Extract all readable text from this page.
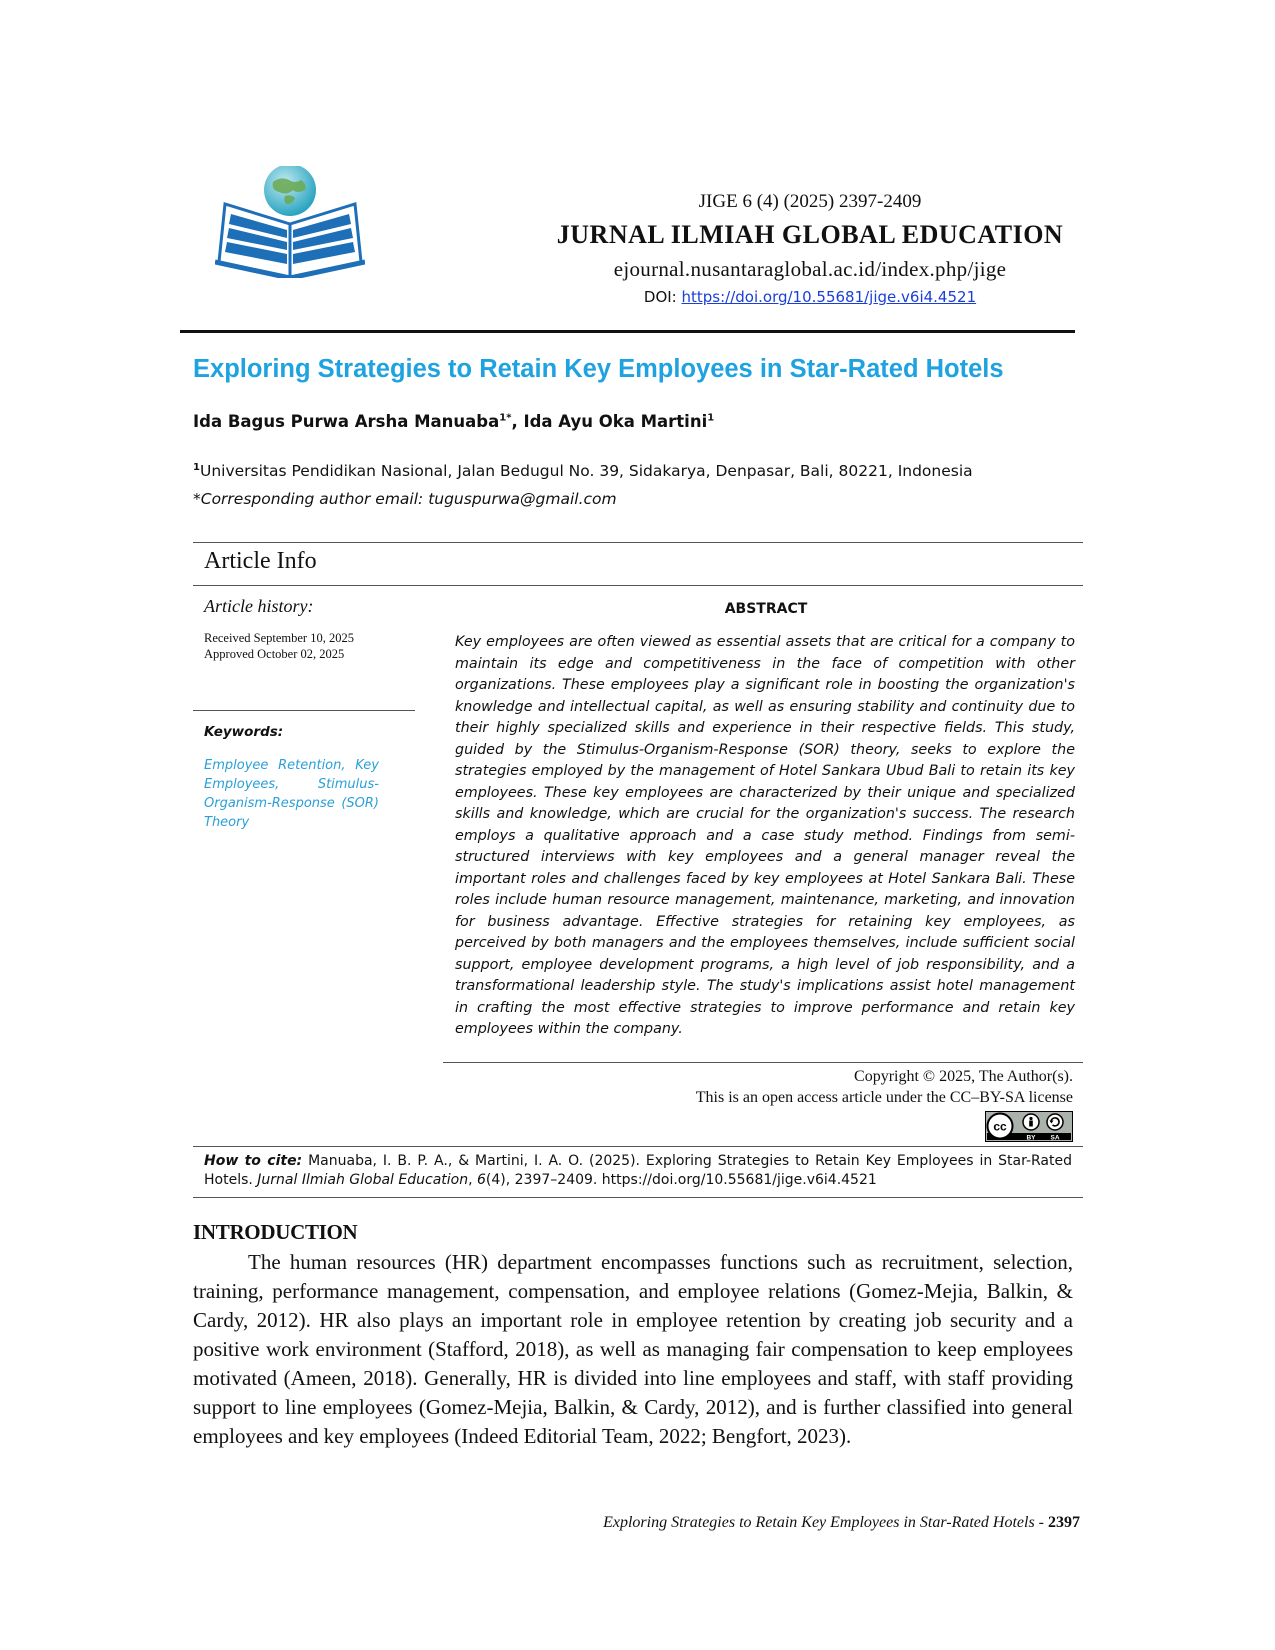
JIGE 6 (4) (2025) 2397-2409
JURNAL ILMIAH GLOBAL EDUCATION
ejournal.nusantaraglobal.ac.id/index.php/jige
DOI: https://doi.org/10.55681/jige.v6i4.4521
Exploring Strategies to Retain Key Employees in Star-Rated Hotels
Ida Bagus Purwa Arsha Manuaba$^{1*}$, Ida Ayu Oka Martini$^1$
$^1$Universitas Pendidikan Nasional, Jalan Bedugul No. 39, Sidakarya, Denpasar, Bali, 80221, Indonesia
*Corresponding author email: tuguspurwa@gmail.com
Article Info
Article history:
Received September 10, 2025
Approved October 02, 2025
Keywords:
Employee Retention, Key Employees, Stimulus-Organism-Response (SOR) Theory
ABSTRACT
Key employees are often viewed as essential assets that are critical for a company to maintain its edge and competitiveness in the face of competition with other organizations. These employees play a significant role in boosting the organization's knowledge and intellectual capital, as well as ensuring stability and continuity due to their highly specialized skills and experience in their respective fields. This study, guided by the Stimulus-Organism-Response (SOR) theory, seeks to explore the strategies employed by the management of Hotel Sankara Ubud Bali to retain its key employees. These key employees are characterized by their unique and specialized skills and knowledge, which are crucial for the organization's success. The research employs a qualitative approach and a case study method. Findings from semi-structured interviews with key employees and a general manager reveal the important roles and challenges faced by key employees at Hotel Sankara Bali. These roles include human resource management, maintenance, marketing, and innovation for business advantage. Effective strategies for retaining key employees, as perceived by both managers and the employees themselves, include sufficient social support, employee development programs, a high level of job responsibility, and a transformational leadership style. The study's implications assist hotel management in crafting the most effective strategies to improve performance and retain key employees within the company.
Copyright © 2025, The Author(s).
This is an open access article under the CC–BY-SA license
cc
BY SA
How to cite: Manuaba, I. B. P. A., & Martini, I. A. O. (2025). Exploring Strategies to Retain Key Employees in Star-Rated Hotels. Jurnal Ilmiah Global Education, 6(4), 2397–2409. https://doi.org/10.55681/jige.v6i4.4521
INTRODUCTION
The human resources (HR) department encompasses functions such as recruitment, selection, training, performance management, compensation, and employee relations (Gomez-Mejia, Balkin, & Cardy, 2012). HR also plays an important role in employee retention by creating job security and a positive work environment (Stafford, 2018), as well as managing fair compensation to keep employees motivated (Ameen, 2018). Generally, HR is divided into line employees and staff, with staff providing support to line employees (Gomez-Mejia, Balkin, & Cardy, 2012), and is further classified into general employees and key employees (Indeed Editorial Team, 2022; Bengfort, 2023).
Exploring Strategies to Retain Key Employees in Star-Rated Hotels - 2397
